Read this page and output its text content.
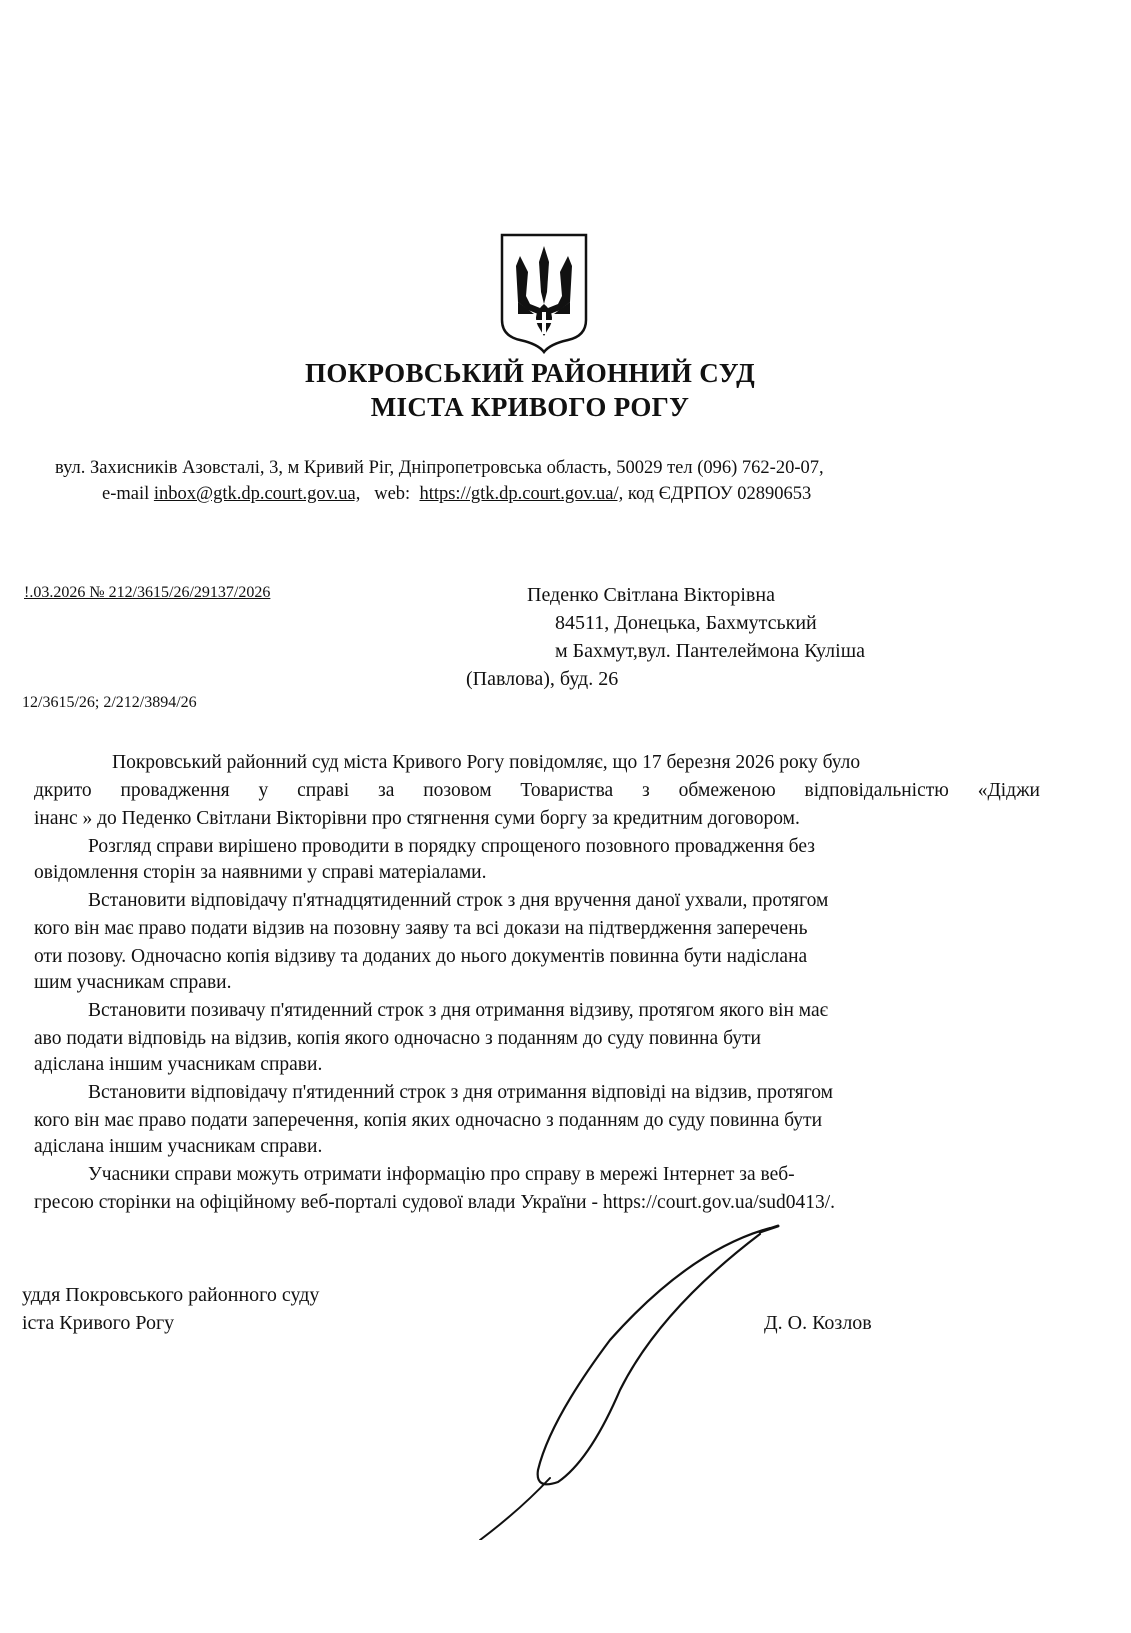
ПОКРОВСЬКИЙ РАЙОННИЙ СУД
МІСТА КРИВОГО РОГУ
вул. Захисників Азовсталі, 3, м Кривий Ріг, Дніпропетровська область, 50029 тел (096) 762-20-07,
e-mail inbox@gtk.dp.court.gov.ua,   web:  https://gtk.dp.court.gov.ua/, код ЄДРПОУ 02890653
!.03.2026 № 212/3615/26/29137/2026
12/3615/26; 2/212/3894/26
Педенко Світлана Вікторівна
84511, Донецька, Бахмутський
м Бахмут,вул. Пантелеймона Куліша
(Павлова), буд. 26
Покровський районний суд міста Кривого Рогу повідомляє, що 17 березня 2026 року було
дкрито провадження у справі за позовом Товариства з обмеженою відповідальністю «Діджи
інанс » до Педенко Світлани Вікторівни про стягнення суми боргу за кредитним договором.
Розгляд справи вирішено проводити в порядку спрощеного позовного провадження без
овідомлення сторін за наявними у справі матеріалами.
Встановити відповідачу п'ятнадцятиденний строк з дня вручення даної ухвали, протягом
кого він має право подати відзив на позовну заяву та всі докази на підтвердження заперечень
оти позову. Одночасно копія відзиву та доданих до нього документів повинна бути надіслана
шим учасникам справи.
Встановити позивачу п'ятиденний строк з дня отримання відзиву, протягом якого він має
аво подати відповідь на відзив, копія якого одночасно з поданням до суду повинна бути
адіслана іншим учасникам справи.
Встановити відповідачу п'ятиденний строк з дня отримання відповіді на відзив, протягом
кого він має право подати заперечення, копія яких одночасно з поданням до суду повинна бути
адіслана іншим учасникам справи.
Учасники справи можуть отримати інформацію про справу в мережі Інтернет за веб-
гресою сторінки на офіційному веб-порталі судової влади України - https://court.gov.ua/sud0413/.
уддя Покровського районного суду
іста Кривого Рогу	Д. О. Козлов
